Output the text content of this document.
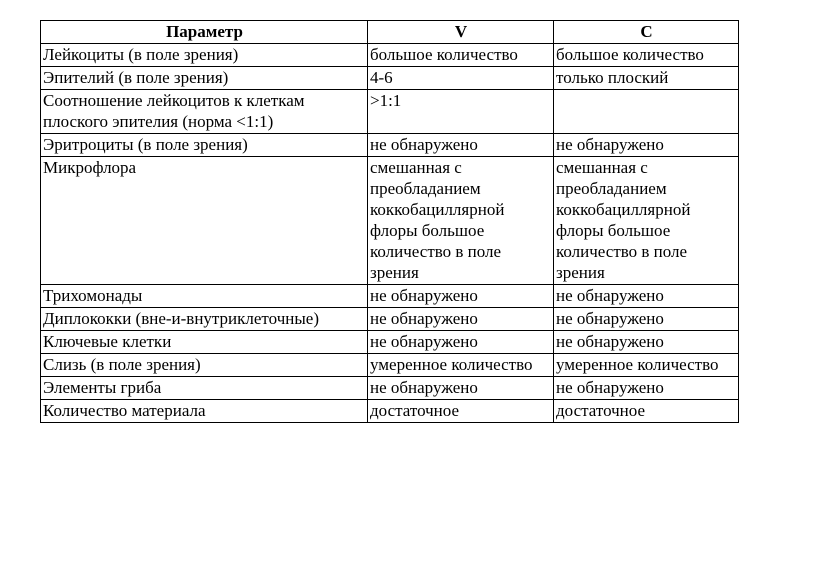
Параметр	V	C
Лейкоциты (в поле зрения)	большое количество	большое количество
Эпителий (в поле зрения)	4-6	только плоский
Соотношение лейкоцитов к клеткам плоского эпителия (норма <1:1)	>1:1	
Эритроциты (в поле зрения)	не обнаружено	не обнаружено
Микрофлора	смешанная с преобладанием коккобациллярной флоры большое количество в поле зрения	смешанная с преобладанием коккобациллярной флоры большое количество в поле зрения
Трихомонады	не обнаружено	не обнаружено
Диплококки (вне-и-внутриклеточные)	не обнаружено	не обнаружено
Ключевые клетки	не обнаружено	не обнаружено
Слизь (в поле зрения)	умеренное количество	умеренное количество
Элементы гриба	не обнаружено	не обнаружено
Количество материала	достаточное	достаточное
